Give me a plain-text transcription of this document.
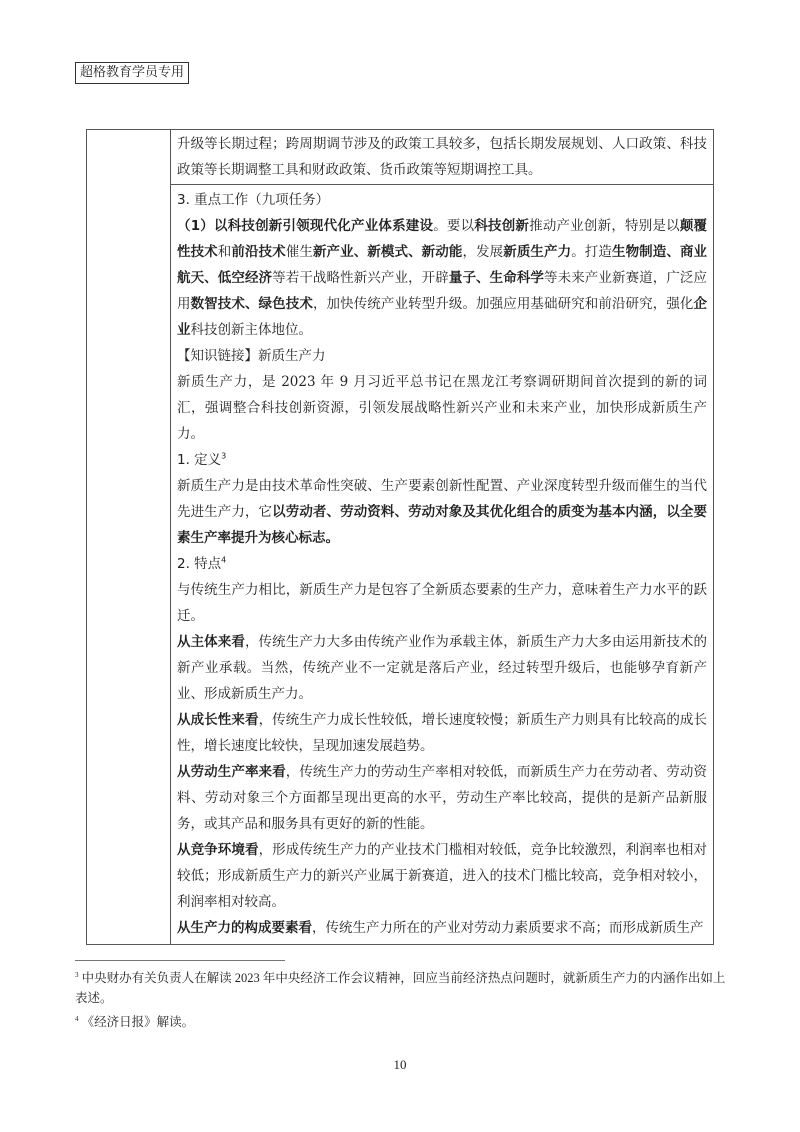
超格教育学员专用

升级等长期过程；跨周期调节涉及的政策工具较多，包括长期发展规划、人口政策、科技政策等长期调整工具和财政政策、货币政策等短期调控工具。

3. 重点工作（九项任务）

（1）以科技创新引领现代化产业体系建设。要以科技创新推动产业创新，特别是以颠覆性技术和前沿技术催生新产业、新模式、新动能，发展新质生产力。打造生物制造、商业航天、低空经济等若干战略性新兴产业，开辟量子、生命科学等未来产业新赛道，广泛应用数智技术、绿色技术，加快传统产业转型升级。加强应用基础研究和前沿研究，强化企业科技创新主体地位。

【知识链接】新质生产力

新质生产力，是 2023 年 9 月习近平总书记在黑龙江考察调研期间首次提到的新的词汇，强调整合科技创新资源，引领发展战略性新兴产业和未来产业，加快形成新质生产力。

1. 定义$^3$

新质生产力是由技术革命性突破、生产要素创新性配置、产业深度转型升级而催生的当代先进生产力，它以劳动者、劳动资料、劳动对象及其优化组合的质变为基本内涵，以全要素生产率提升为核心标志。

2. 特点$^4$

与传统生产力相比，新质生产力是包容了全新质态要素的生产力，意味着生产力水平的跃迁。

从主体来看，传统生产力大多由传统产业作为承载主体，新质生产力大多由运用新技术的新产业承载。当然，传统产业不一定就是落后产业，经过转型升级后，也能够孕育新产业、形成新质生产力。

从成长性来看，传统生产力成长性较低，增长速度较慢；新质生产力则具有比较高的成长性，增长速度比较快，呈现加速发展趋势。

从劳动生产率来看，传统生产力的劳动生产率相对较低，而新质生产力在劳动者、劳动资料、劳动对象三个方面都呈现出更高的水平，劳动生产率比较高，提供的是新产品新服务，或其产品和服务具有更好的新的性能。

从竞争环境看，形成传统生产力的产业技术门槛相对较低，竞争比较激烈，利润率也相对较低；形成新质生产力的新兴产业属于新赛道，进入的技术门槛比较高，竞争相对较小，利润率相对较高。

从生产力的构成要素看，传统生产力所在的产业对劳动力素质要求不高；而形成新质生产

$^3$ 中央财办有关负责人在解读 2023 年中央经济工作会议精神，回应当前经济热点问题时，就新质生产力的内涵作出如上表述。
$^4$ 《经济日报》解读。
10
